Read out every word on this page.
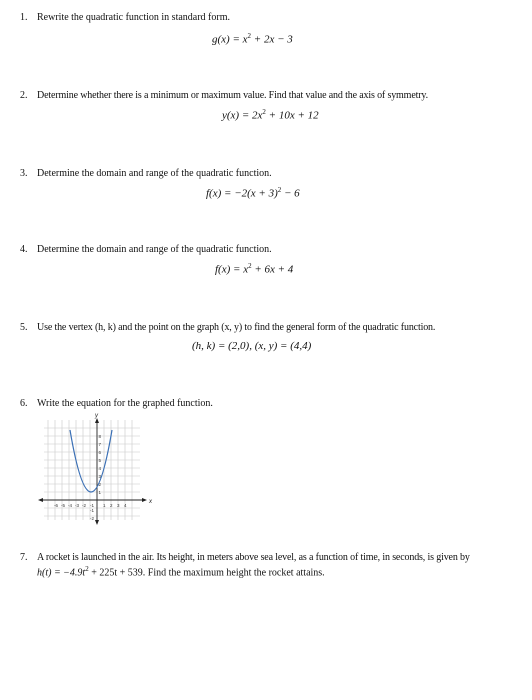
1. Rewrite the quadratic function in standard form.
$g(x) = x^2 + 2x - 3$
2. Determine whether there is a minimum or maximum value. Find that value and the axis of symmetry.
$y(x) = 2x^2 + 10x + 12$
3. Determine the domain and range of the quadratic function.
$f(x) = -2(x + 3)^2 - 6$
4. Determine the domain and range of the quadratic function.
$f(x) = x^2 + 6x + 4$
5. Use the vertex (h, k) and the point on the graph (x, y) to find the general form of the quadratic function.
(h, k) = (2,0), (x, y) = (4,4)
6. Write the equation for the graphed function.
x
y
-6 -5 -4 -3 -2 -1 1 2 3 4
8
7
6
5
4
3
2
1
-1
-2
7. A rocket is launched in the air. Its height, in meters above sea level, as a function of time, in seconds, is given by
$h(t) = -4.9t^2 + 225t + 539$. Find the maximum height the rocket attains.
